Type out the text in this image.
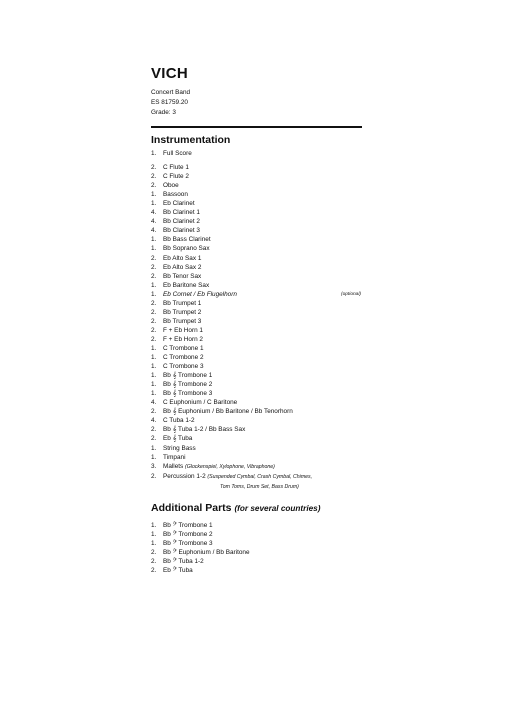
VICH
Concert Band
ES 81759.20
Grade: 3
Instrumentation
1.	Full Score
2.	C Flute 1
2.	C Flute 2
2.	Oboe
1.	Bassoon
1.	Eb Clarinet
4.	Bb Clarinet 1
4.	Bb Clarinet 2
4.	Bb Clarinet 3
1.	Bb Bass Clarinet
1.	Bb Soprano Sax
2.	Eb Alto Sax 1
2.	Eb Alto Sax 2
2.	Bb Tenor Sax
1.	Eb Baritone Sax
1.	Eb Cornet / Eb Flugelhorn	(optional)
2.	Bb Trumpet 1
2.	Bb Trumpet 2
2.	Bb Trumpet 3
2.	F + Eb Horn 1
2.	F + Eb Horn 2
1.	C Trombone 1
1.	C Trombone 2
1.	C Trombone 3
1.	Bb 𝄞 Trombone 1
1.	Bb 𝄞 Trombone 2
1.	Bb 𝄞 Trombone 3
4.	C Euphonium / C Baritone
2.	Bb 𝄞 Euphonium / Bb Baritone / Bb Tenorhorn
4.	C Tuba 1-2
2.	Bb 𝄞 Tuba 1-2 / Bb Bass Sax
2.	Eb 𝄞 Tuba
1.	String Bass
1.	Timpani
3.	Mallets (Glockenspiel, Xylophone, Vibraphone)
2.	Percussion 1-2 (Suspended Cymbal, Crash Cymbal, Chimes,
Tom Toms, Drum Set, Bass Drum)
Additional Parts (for several countries)
1.	Bb 𝄢 Trombone 1
1.	Bb 𝄢 Trombone 2
1.	Bb 𝄢 Trombone 3
2.	Bb 𝄢 Euphonium / Bb Baritone
2.	Bb 𝄢 Tuba 1-2
2.	Eb 𝄢 Tuba
